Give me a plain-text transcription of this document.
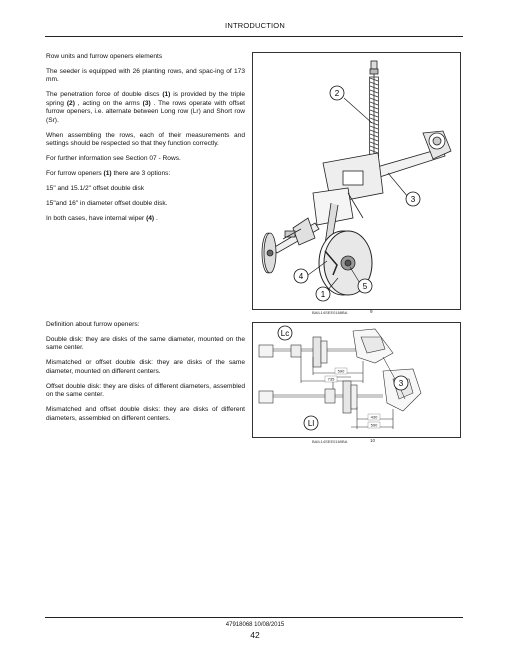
INTRODUCTION

Row units and furrow openers elements

The seeder is equipped with 26 planting rows, and spac-ing of 173 mm.

The penetration force of double discs (1) is provided by the triple spring (2) , acting on the arms (3) . The rows operate with offset furrow openers, i.e. alternate between Long row (Lr) and Short row (Sr).

When assembling the rows, each of their measurements and settings should be respected so that they function correctly.

For further information see Section 07 - Rows.

For furrow openers (1) there are 3 options:

15" and 15.1/2" offset double disk

15"and 16" in diameter offset double disk.

In both cases, have internal wiper (4) .

2
3
4
5
1
BAIL14SEE0168BA	9

Definition about furrow openers:

Double disk: they are disks of the same diameter, mounted on the same center.

Mismatched or offset double disk: they are disks of the same diameter, mounted on different centers.

Offset double disk: they are disks of different diameters, assembled on the same center.

Mismatched and offset double disks: they are disks of different diameters, assembled on different centers.

590
735
430
590
Lc
Ll
3
BAIL14SEE0169BA	10
47918068 10/08/2015
42
